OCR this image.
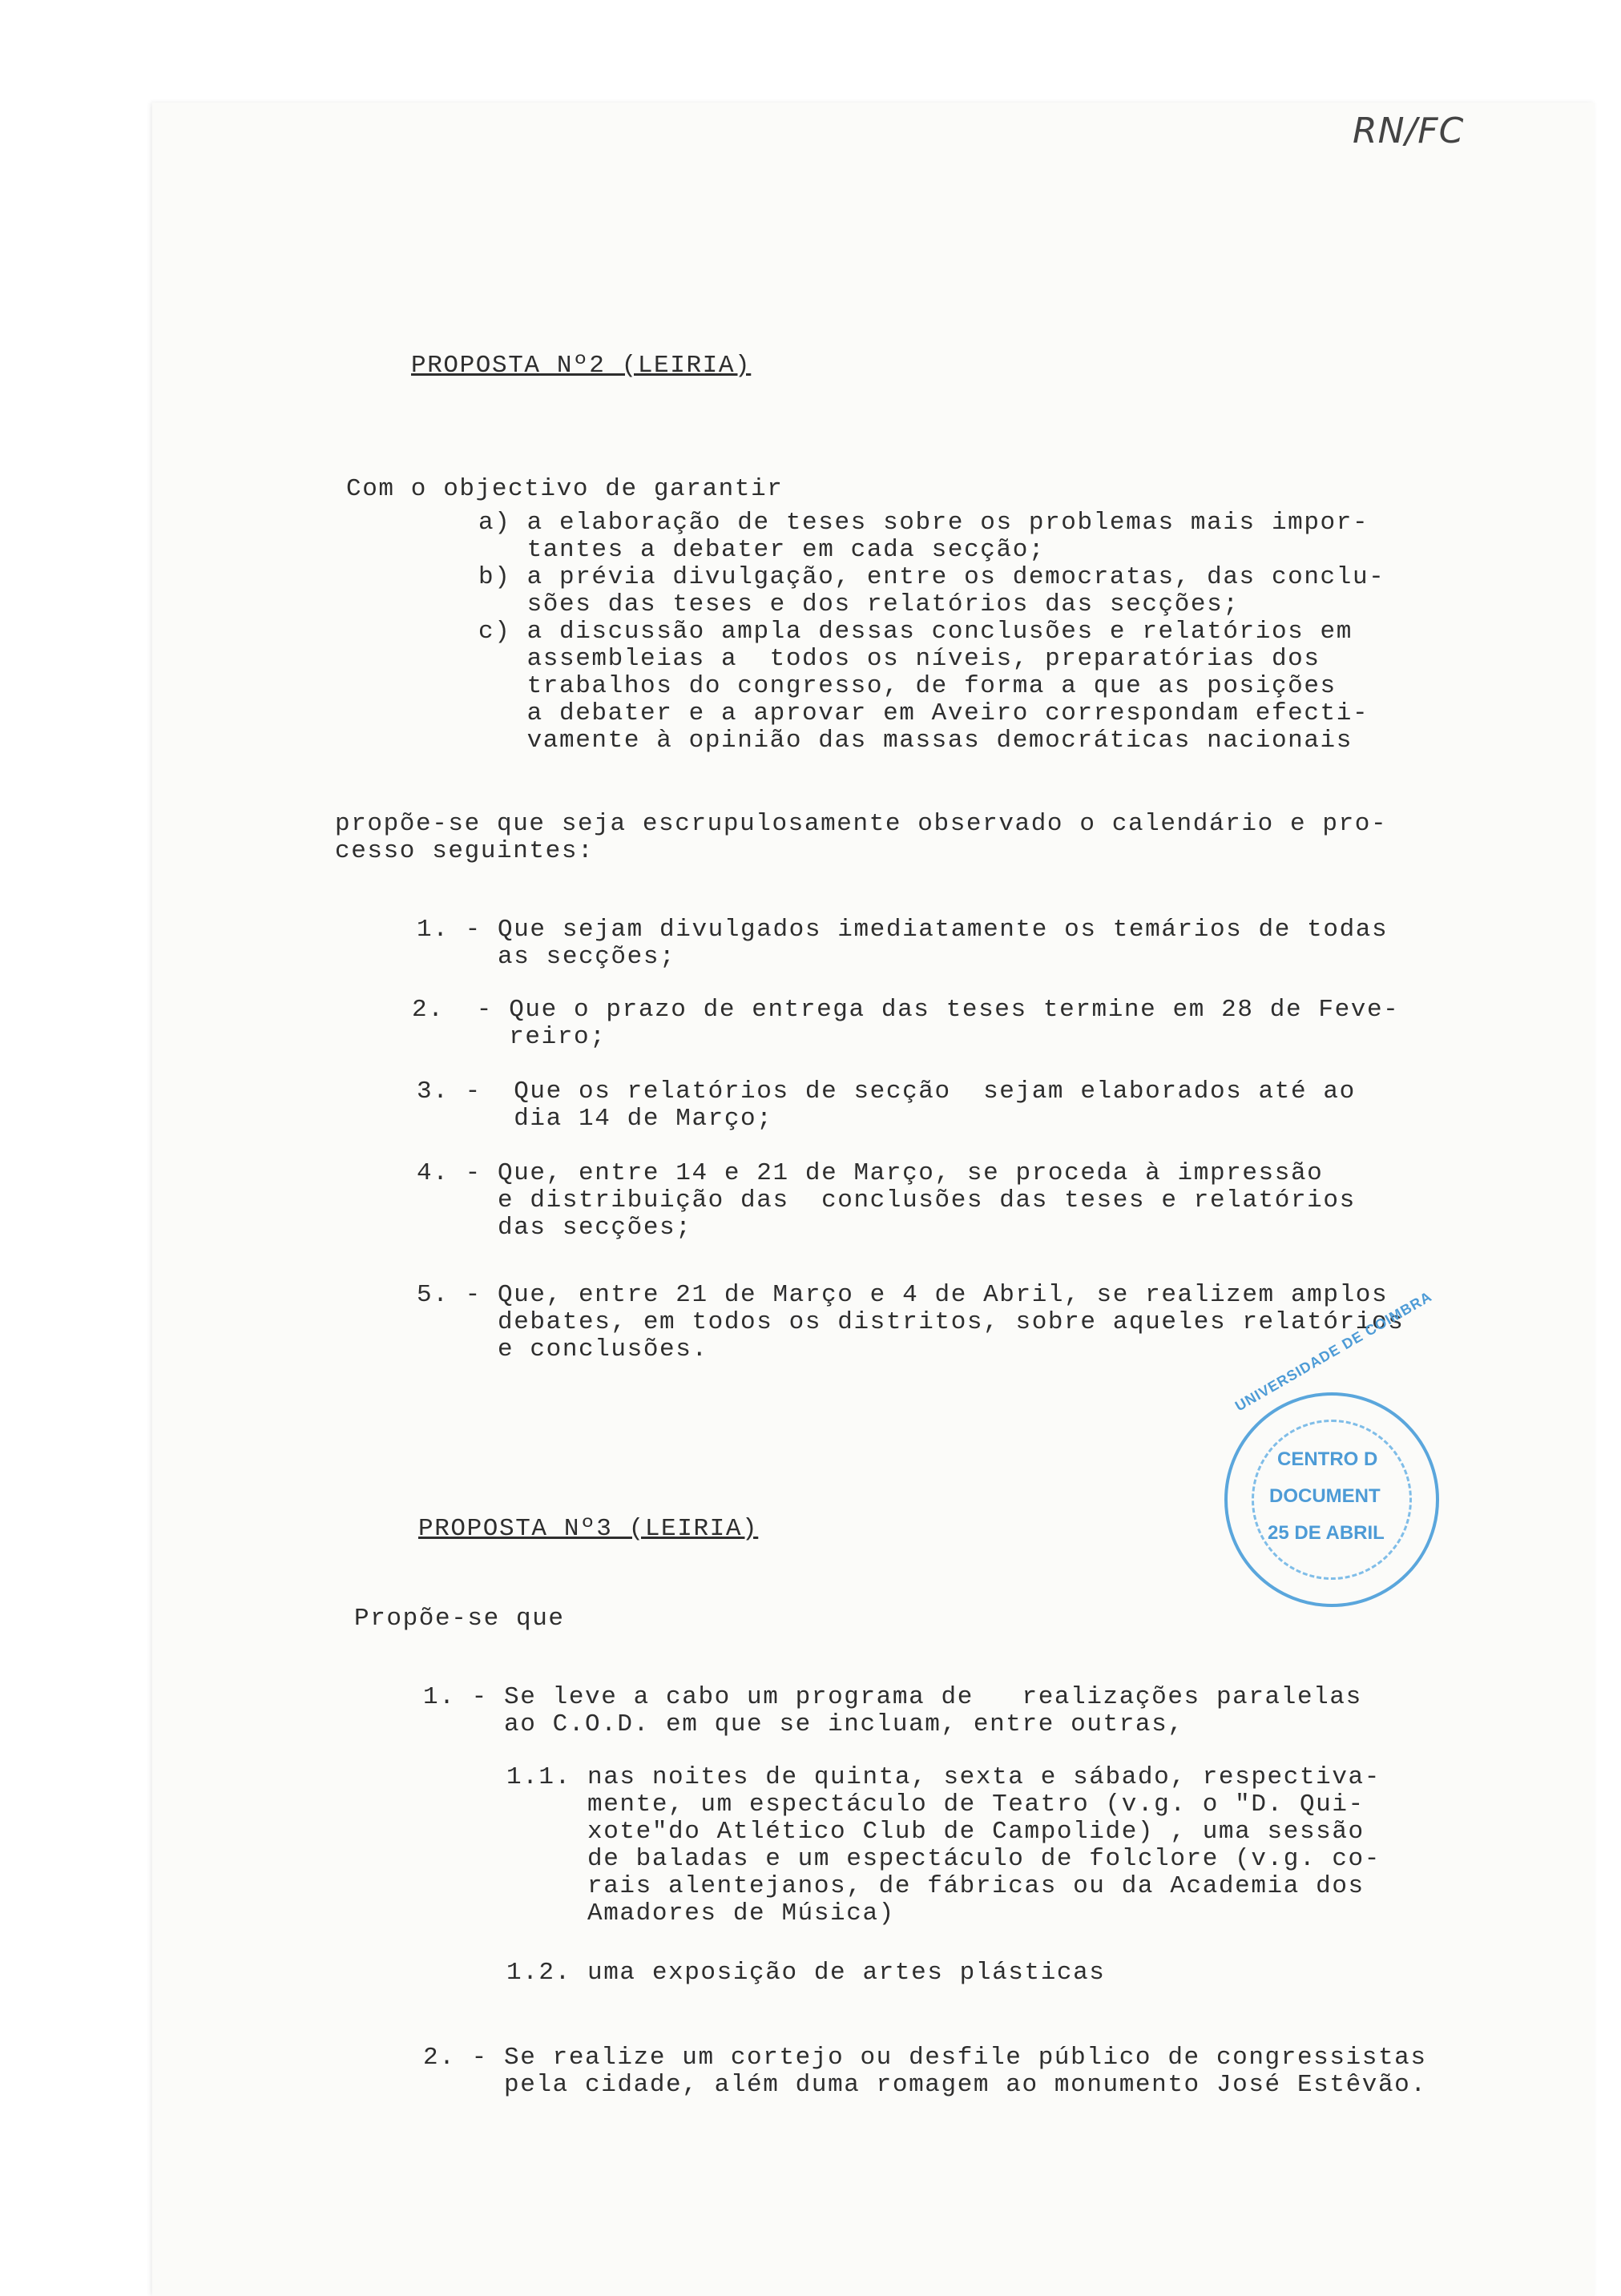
RN/FC
PROPOSTA Nº2 (LEIRIA)
Com o objectivo de garantir
a) a elaboração de teses sobre os problemas mais impor-
tantes a debater em cada secção;
b) a prévia divulgação, entre os democratas, das conclu-
sões das teses e dos relatórios das secções;
c) a discussão ampla dessas conclusões e relatórios em
assembleias a  todos os níveis, preparatórias dos
trabalhos do congresso, de forma a que as posições
a debater e a aprovar em Aveiro correspondam efecti-
vamente à opinião das massas democráticas nacionais
propõe-se que seja escrupulosamente observado o calendário e pro-
cesso seguintes:
1. - Que sejam divulgados imediatamente os temários de todas
as secções;
2.  - Que o prazo de entrega das teses termine em 28 de Feve-
reiro;
3. -  Que os relatórios de secção  sejam elaborados até ao
dia 14 de Março;
4. - Que, entre 14 e 21 de Março, se proceda à impressão
e distribuição das  conclusões das teses e relatórios
das secções;
5. - Que, entre 21 de Março e 4 de Abril, se realizem amplos
debates, em todos os distritos, sobre aqueles relatórios
e conclusões.	UNIVERSIDADE DE COIMBRA
CENTRO D
DOCUMENT
25 DE ABRIL
PROPOSTA Nº3 (LEIRIA)
Propõe-se que
1. - Se leve a cabo um programa de   realizações paralelas
ao C.O.D. em que se incluam, entre outras,
1.1. nas noites de quinta, sexta e sábado, respectiva-
mente, um espectáculo de Teatro (v.g. o "D. Qui-
xote"do Atlético Club de Campolide) , uma sessão
de baladas e um espectáculo de folclore (v.g. co-
rais alentejanos, de fábricas ou da Academia dos
Amadores de Música)
1.2. uma exposição de artes plásticas
2. - Se realize um cortejo ou desfile público de congressistas
pela cidade, além duma romagem ao monumento José Estêvão.
